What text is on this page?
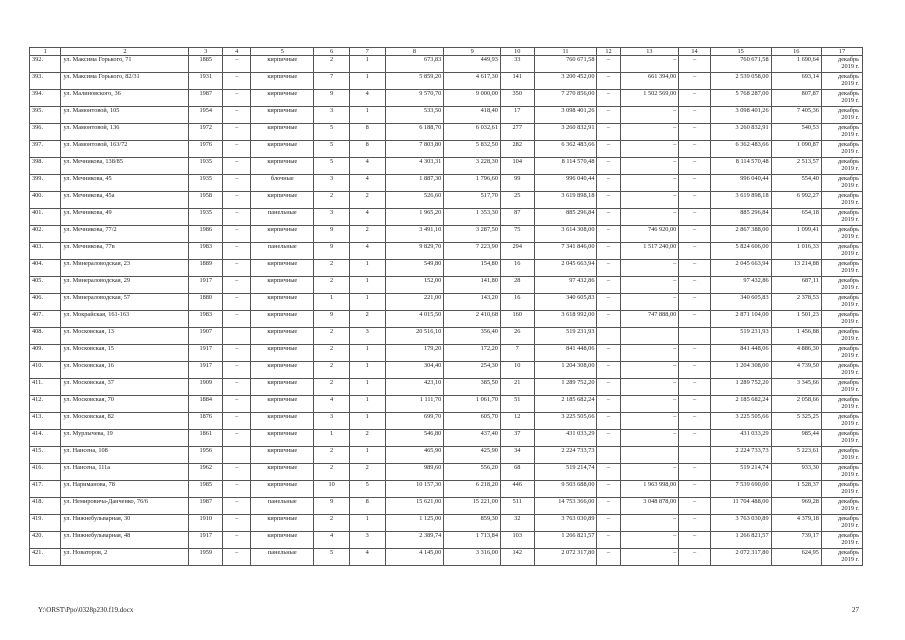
1	2	3	4	5	6	7	8	9	10	11	12	13	14	15	16	17
392.	ул. Максима Горького, 71	1885	–	кирпичные	2	1	673,83	449,93	33	760 671,58	–	–	–	760 671,58	1 690,64	декабрь 2019 г.
393.	ул. Максима Горького, 82/31	1931	–	кирпичные	7	1	5 859,20	4 617,30	141	3 200 452,00	–	661 394,00	–	2 539 058,00	693,14	декабрь 2019 г.
394.	ул. Малиновского, 36	1987	–	кирпичные	9	4	9 570,70	9 000,00	350	7 270 856,00	–	1 502 569,00	–	5 768 287,00	807,87	декабрь 2019 г.
395.	ул. Мамонтовой, 105	1954	–	кирпичные	3	1	533,50	418,40	17	3 098 401,26	–	–	–	3 098 401,26	7 405,36	декабрь 2019 г.
396.	ул. Мамонтовой, 136	1972	–	кирпичные	5	8	6 188,70	6 032,61	277	3 260 832,91	–	–	–	3 260 832,91	540,53	декабрь 2019 г.
397.	ул. Мамонтовой, 163/72	1976	–	кирпичные	5	8	7 803,80	5 832,50	282	6 362 483,66	–	–	–	6 362 483,66	1 090,87	декабрь 2019 г.
398.	ул. Мечникова, 138/85	1935	–	кирпичные	5	4	4 303,31	3 228,30	104	8 114 570,48	–	–	–	8 114 570,48	2 513,57	декабрь 2019 г.
399.	ул. Мечникова, 45	1935	–	блочные	3	4	1 887,30	1 796,60	99	996 040,44	–	–	–	996 040,44	554,40	декабрь 2019 г.
400.	ул. Мечникова, 45а	1958	–	кирпичные	2	2	526,60	517,70	25	3 619 898,18	–	–	–	3 619 898,18	6 992,27	декабрь 2019 г.
401.	ул. Мечникова, 49	1935	–	панельные	3	4	1 965,20	1 353,30	87	885 296,84	–	–	–	885 296,84	654,18	декабрь 2019 г.
402.	ул. Мечникова, 77/2	1986	–	кирпичные	9	2	3 491,10	3 287,50	75	3 614 308,00	–	746 920,00	–	2 867 388,00	1 099,41	декабрь 2019 г.
403.	ул. Мечникова, 77в	1983	–	панельные	9	4	9 829,70	7 223,90	294	7 341 846,00	–	1 517 240,00	–	5 824 606,00	1 016,33	декабрь 2019 г.
404.	ул. Минераловодская, 23	1889	–	кирпичные	2	1	549,80	154,80	16	2 045 663,94	–	–	–	2 045 663,94	13 214,88	декабрь 2019 г.
405.	ул. Минераловодская, 29	1917	–	кирпичные	2	1	152,00	141,80	28	97 432,86	–	–	–	97 432,86	687,11	декабрь 2019 г.
406.	ул. Минераловодская, 57	1880	–	кирпичные	1	1	221,00	143,20	16	340 605,83	–	–	–	340 605,83	2 378,53	декабрь 2019 г.
407.	ул. Мокрайская, 161-163	1983	–	кирпичные	9	2	4 015,50	2 410,68	160	3 618 992,00	–	747 888,00	–	2 871 104,00	1 501,23	декабрь 2019 г.
408.	ул. Московская, 13	1907		кирпичные	2	3	20 516,10	356,40	26	519 231,93				519 231,93	1 456,88	декабрь 2019 г.
409.	ул. Московская, 15	1917	–	кирпичные	2	1	179,20	172,20	7	841 448,06	–	–	–	841 448,06	4 886,30	декабрь 2019 г.
410.	ул. Московская, 16	1917	–	кирпичные	2	1	304,40	254,30	10	1 204 308,00	–	–	–	1 204 308,00	4 739,50	декабрь 2019 г.
411.	ул. Московская, 37	1909	–	кирпичные	2	1	423,10	385,50	21	1 289 752,20	–	–	–	1 289 752,20	3 345,66	декабрь 2019 г.
412.	ул. Московская, 70	1884	–	кирпичные	4	1	1 111,70	1 061,70	51	2 185 682,24	–	–	–	2 185 682,24	2 058,66	декабрь 2019 г.
413.	ул. Московская, 82	1876	–	кирпичные	3	1	699,70	605,70	12	3 225 505,66	–	–	–	3 225 505,66	5 325,25	декабрь 2019 г.
414.	ул. Мурлычева, 19	1861	–	кирпичные	1	2	546,80	437,40	37	431 033,29	–	–	–	431 033,29	985,44	декабрь 2019 г.
415.	ул. Нансена, 108	1956		кирпичные	2	1	465,90	425,90	34	2 224 733,73				2 224 733,73	5 223,61	декабрь 2019 г.
416.	ул. Нансена, 111а	1962	–	кирпичные	2	2	989,60	556,20	68	519 214,74	–	–	–	519 214,74	933,30	декабрь 2019 г.
417.	ул. Нариманова, 78	1985	–	кирпичные	10	5	10 157,30	6 218,20	446	9 503 688,00	–	1 963 998,00	–	7 539 690,00	1 528,37	декабрь 2019 г.
418.	ул. Немировича-Данченко, 76/6	1987	–	панельные	9	8	15 621,00	15 221,00	511	14 753 366,00	–	3 048 878,00	–	11 704 488,00	969,28	декабрь 2019 г.
419.	ул. Нижнебульварная, 30	1910	–	кирпичные	2	1	1 125,00	859,30	32	3 763 030,89	–	–	–	3 763 030,89	4 379,18	декабрь 2019 г.
420.	ул. Нижнебульварная, 48	1917	–	кирпичные	4	3	2 389,74	1 713,84	103	1 266 821,57	–	–	–	1 266 821,57	739,17	декабрь 2019 г.
421.	ул. Новаторов, 2	1959	–	панельные	5	4	4 145,00	3 316,00	142	2 072 317,80	–	–	–	2 072 317,80	624,95	декабрь 2019 г.
Y:\ORST\Ppo\0328p230.f19.docx	27
